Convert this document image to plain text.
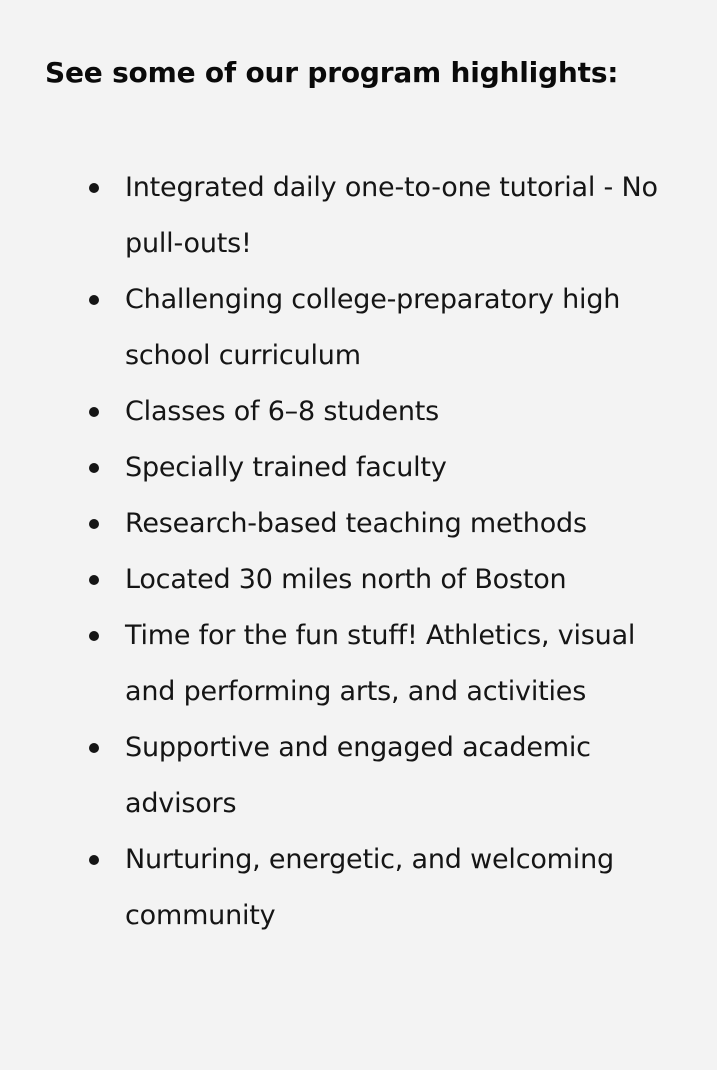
See some of our program highlights:
Integrated daily one-to-one tutorial - No pull-outs!
Challenging college-preparatory high school curriculum
Classes of 6–8 students
Specially trained faculty
Research-based teaching methods
Located 30 miles north of Boston
Time for the fun stuff! Athletics, visual and performing arts, and activities
Supportive and engaged academic advisors
Nurturing, energetic, and welcoming community
